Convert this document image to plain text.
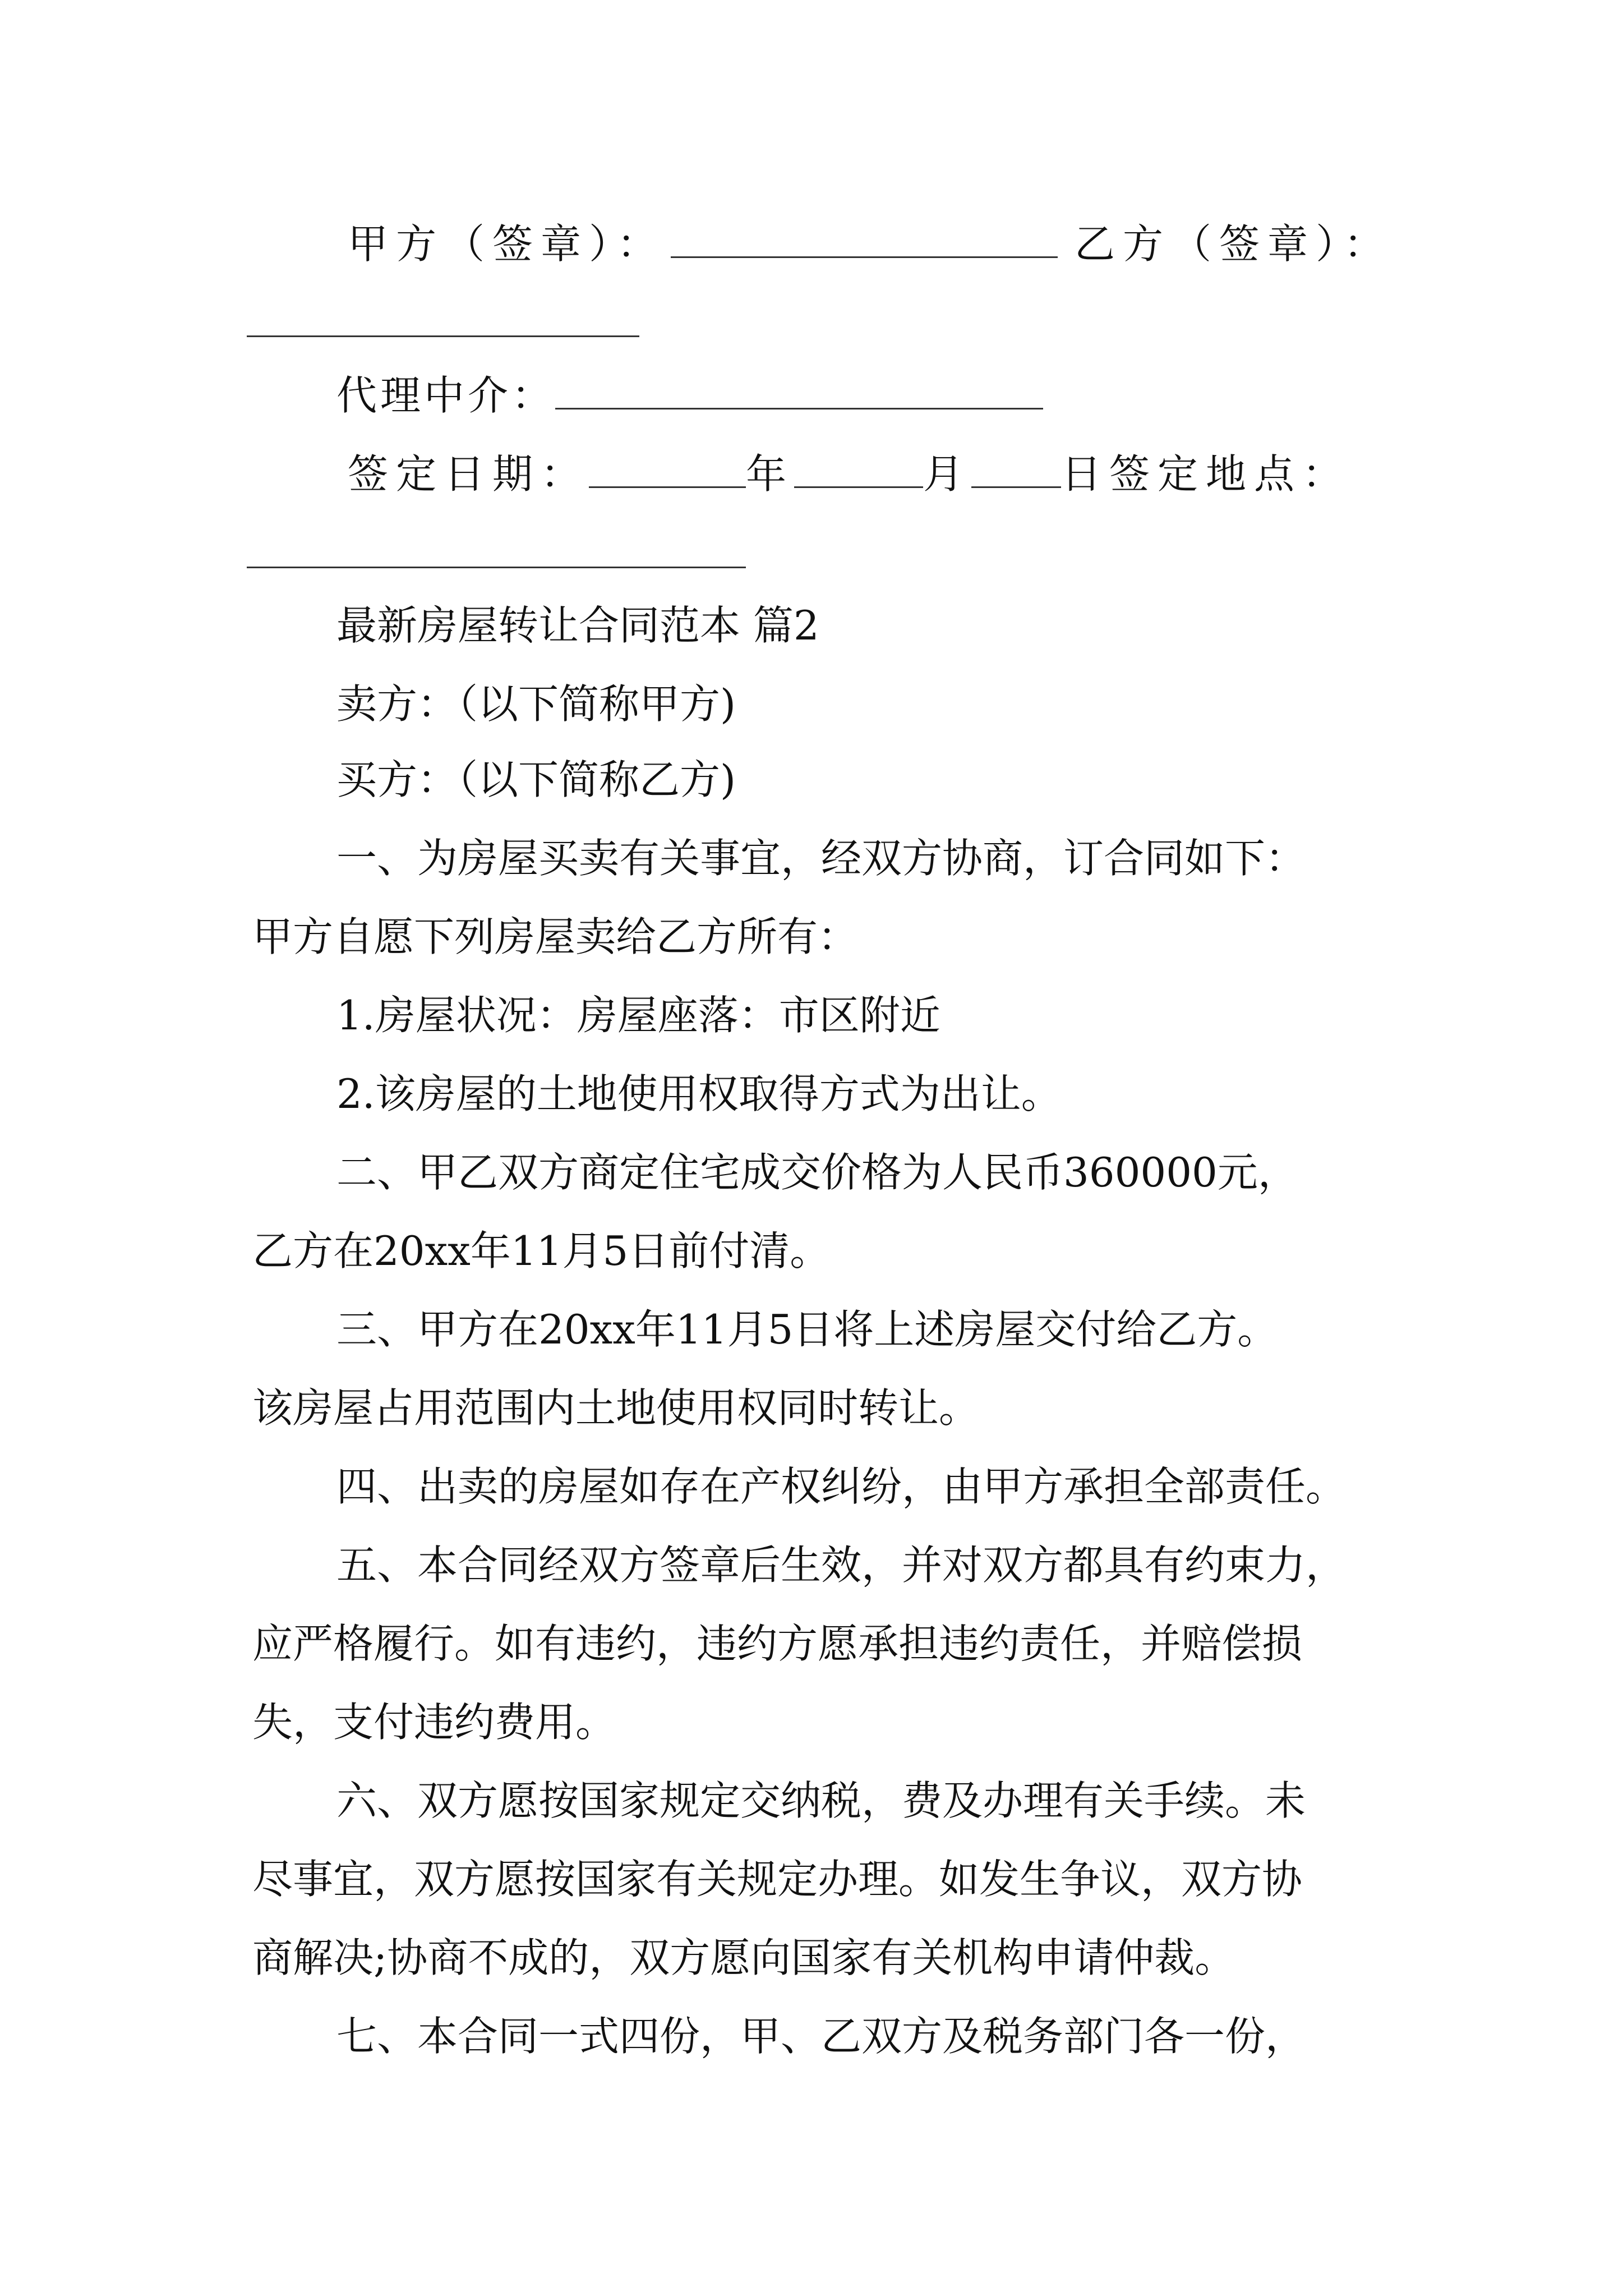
甲方（签章）：	乙方（签章）：
代理中介：
签定日期：	年	月 日签定地点：
最新房屋转让合同范本 篇2
卖方：（以下简称甲方)
买方：（以下简称乙方)
一、为房屋买卖有关事宜，经双方协商，订合同如下：
甲方自愿下列房屋卖给乙方所有：
1.房屋状况：房屋座落：市区附近
2.该房屋的土地使用权取得方式为出让。
二、甲乙双方商定住宅成交价格为人民币360000元，
乙方在20xx年11月5日前付清。
三、甲方在20xx年11月5日将上述房屋交付给乙方。
该房屋占用范围内土地使用权同时转让。
四、出卖的房屋如存在产权纠纷，由甲方承担全部责任。
五、本合同经双方签章后生效，并对双方都具有约束力，
应严格履行。如有违约，违约方愿承担违约责任，并赔偿损
失，支付违约费用。
六、双方愿按国家规定交纳税，费及办理有关手续。未
尽事宜，双方愿按国家有关规定办理。如发生争议，双方协
商解决;协商不成的，双方愿向国家有关机构申请仲裁。
七、本合同一式四份，甲、乙双方及税务部门各一份，
